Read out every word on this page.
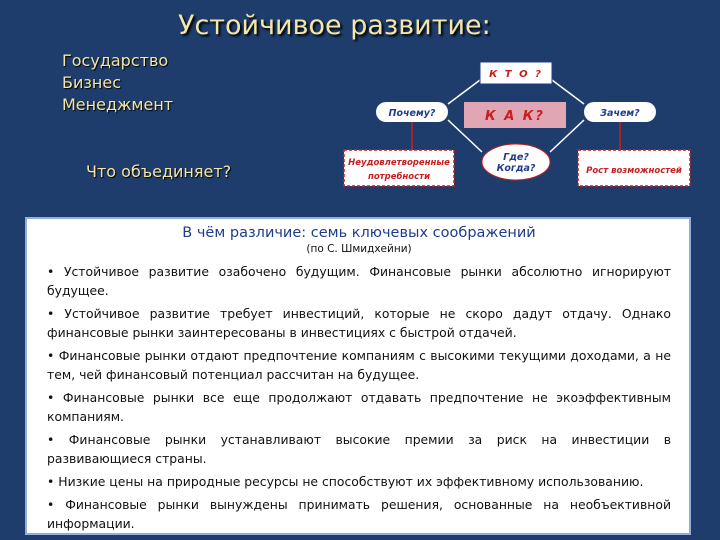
Устойчивое развитие:
Государство
Бизнес
Менеджмент
Что объединяет?
К Т О ?
Почему?	К А К?	Зачем?
Где?
Когда?
Неудовлетворенные
потребности
Рост возможностей
В чём различие: семь ключевых соображений
(по С. Шмидхейни)
• Устойчивое развитие озабочено будущим. Финансовые рынки абсолютно игнорируют будущее.
• Устойчивое развитие требует инвестиций, которые не скоро дадут отдачу. Однако финансовые рынки заинтересованы в инвестициях с быстрой отдачей.
• Финансовые рынки отдают предпочтение компаниям с высокими текущими доходами, а не тем, чей финансовый потенциал рассчитан на будущее.
• Финансовые рынки все еще продолжают отдавать предпочтение не экоэффективным компаниям.
• Финансовые рынки устанавливают высокие премии за риск на инвестиции в развивающиеся страны.
• Низкие цены на природные ресурсы не способствуют их эффективному использованию.
• Финансовые рынки вынуждены принимать решения, основанные на необъективной информации.
